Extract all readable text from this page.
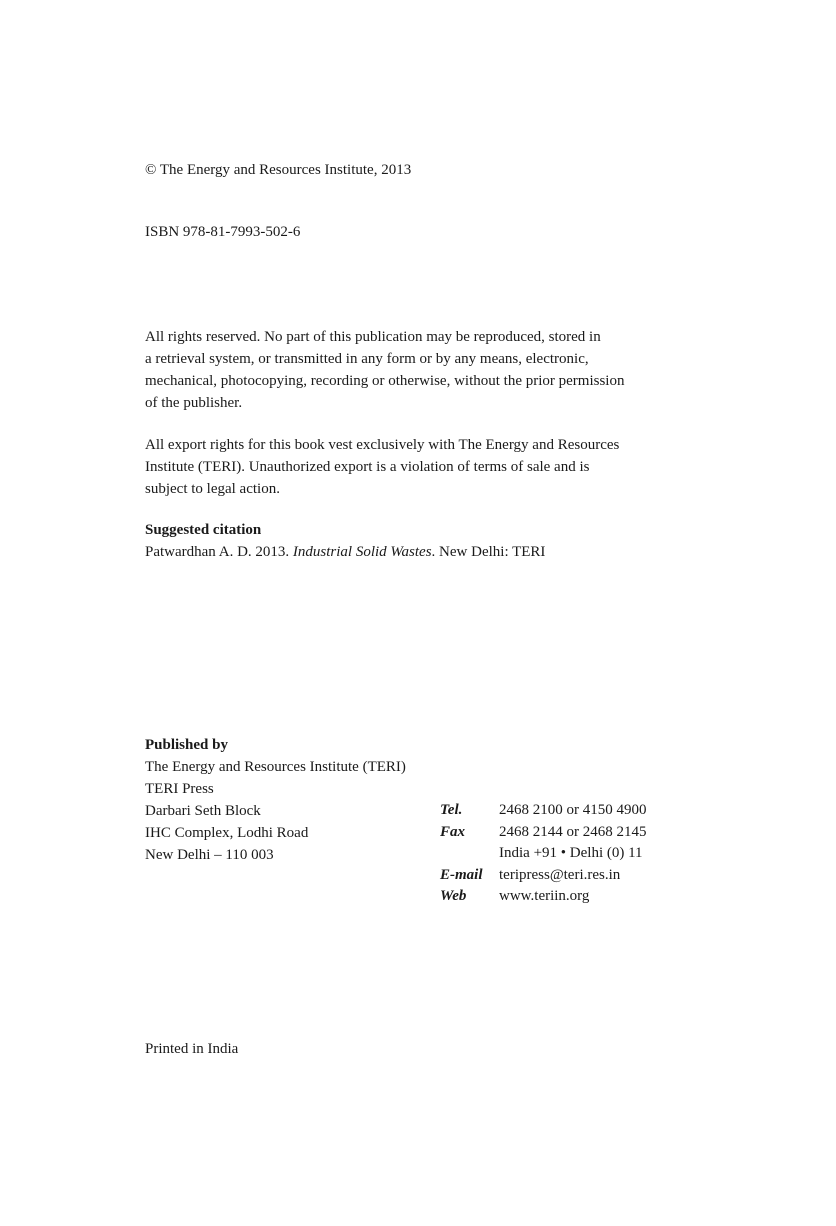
© The Energy and Resources Institute, 2013
ISBN 978-81-7993-502-6
All rights reserved. No part of this publication may be reproduced, stored in
a retrieval system, or transmitted in any form or by any means, electronic,
mechanical, photocopying, recording or otherwise, without the prior permission
of the publisher.
All export rights for this book vest exclusively with The Energy and Resources
Institute (TERI). Unauthorized export is a violation of terms of sale and is
subject to legal action.
Suggested citation
Patwardhan A. D. 2013. Industrial Solid Wastes. New Delhi: TERI
Published by
The Energy and Resources Institute (TERI)
TERI Press
Darbari Seth Block
IHC Complex, Lodhi Road
New Delhi – 110 003
Tel.	2468 2100 or 4150 4900
Fax	2468 2144 or 2468 2145
India +91 • Delhi (0) 11
E-mail	teripress@teri.res.in
Web	www.teriin.org
Printed in India
